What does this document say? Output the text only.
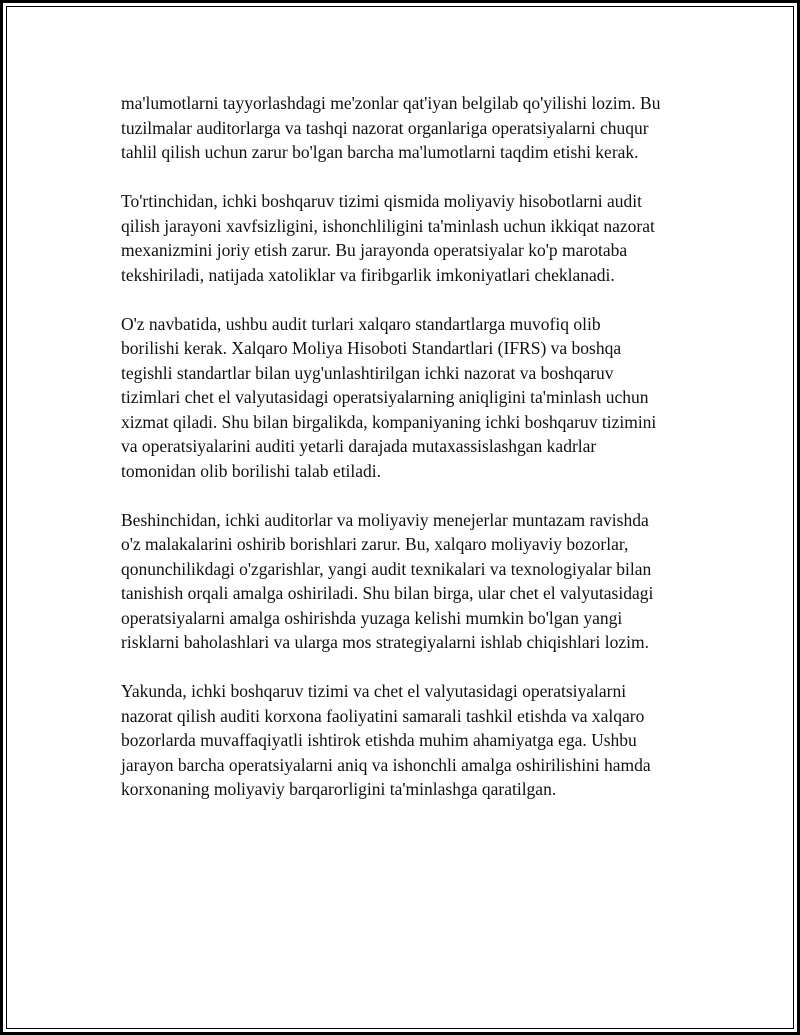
ma'lumotlarni tayyorlashdagi me'zonlar qat'iyan belgilab qo'yilishi lozim. Bu
tuzilmalar auditorlarga va tashqi nazorat organlariga operatsiyalarni chuqur
tahlil qilish uchun zarur bo'lgan barcha ma'lumotlarni taqdim etishi kerak.

To'rtinchidan, ichki boshqaruv tizimi qismida moliyaviy hisobotlarni audit
qilish jarayoni xavfsizligini, ishonchliligini ta'minlash uchun ikkiqat nazorat
mexanizmini joriy etish zarur. Bu jarayonda operatsiyalar ko'p marotaba
tekshiriladi, natijada xatoliklar va firibgarlik imkoniyatlari cheklanadi.

O'z navbatida, ushbu audit turlari xalqaro standartlarga muvofiq olib
borilishi kerak. Xalqaro Moliya Hisoboti Standartlari (IFRS) va boshqa
tegishli standartlar bilan uyg'unlashtirilgan ichki nazorat va boshqaruv
tizimlari chet el valyutasidagi operatsiyalarning aniqligini ta'minlash uchun
xizmat qiladi. Shu bilan birgalikda, kompaniyaning ichki boshqaruv tizimini
va operatsiyalarini auditi yetarli darajada mutaxassislashgan kadrlar
tomonidan olib borilishi talab etiladi.

Beshinchidan, ichki auditorlar va moliyaviy menejerlar muntazam ravishda
o'z malakalarini oshirib borishlari zarur. Bu, xalqaro moliyaviy bozorlar,
qonunchilikdagi o'zgarishlar, yangi audit texnikalari va texnologiyalar bilan
tanishish orqali amalga oshiriladi. Shu bilan birga, ular chet el valyutasidagi
operatsiyalarni amalga oshirishda yuzaga kelishi mumkin bo'lgan yangi
risklarni baholashlari va ularga mos strategiyalarni ishlab chiqishlari lozim.

Yakunda, ichki boshqaruv tizimi va chet el valyutasidagi operatsiyalarni
nazorat qilish auditi korxona faoliyatini samarali tashkil etishda va xalqaro
bozorlarda muvaffaqiyatli ishtirok etishda muhim ahamiyatga ega. Ushbu
jarayon barcha operatsiyalarni aniq va ishonchli amalga oshirilishini hamda
korxonaning moliyaviy barqarorligini ta'minlashga qaratilgan.
